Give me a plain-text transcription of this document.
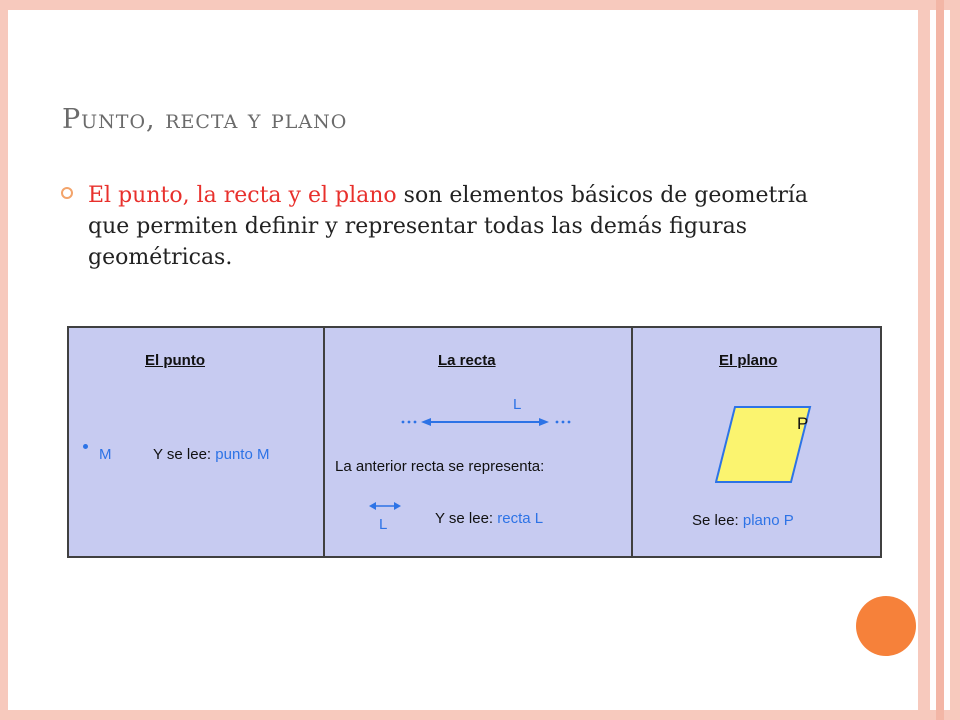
Punto, recta y plano

El punto, la recta y el plano son elementos básicos de geometría que permiten definir y representar todas las demás figuras geométricas.

El punto
M	Y se lee: punto M
La recta
L
La anterior recta se representa:
L	Y se lee: recta L
El plano
P
Se lee: plano P
